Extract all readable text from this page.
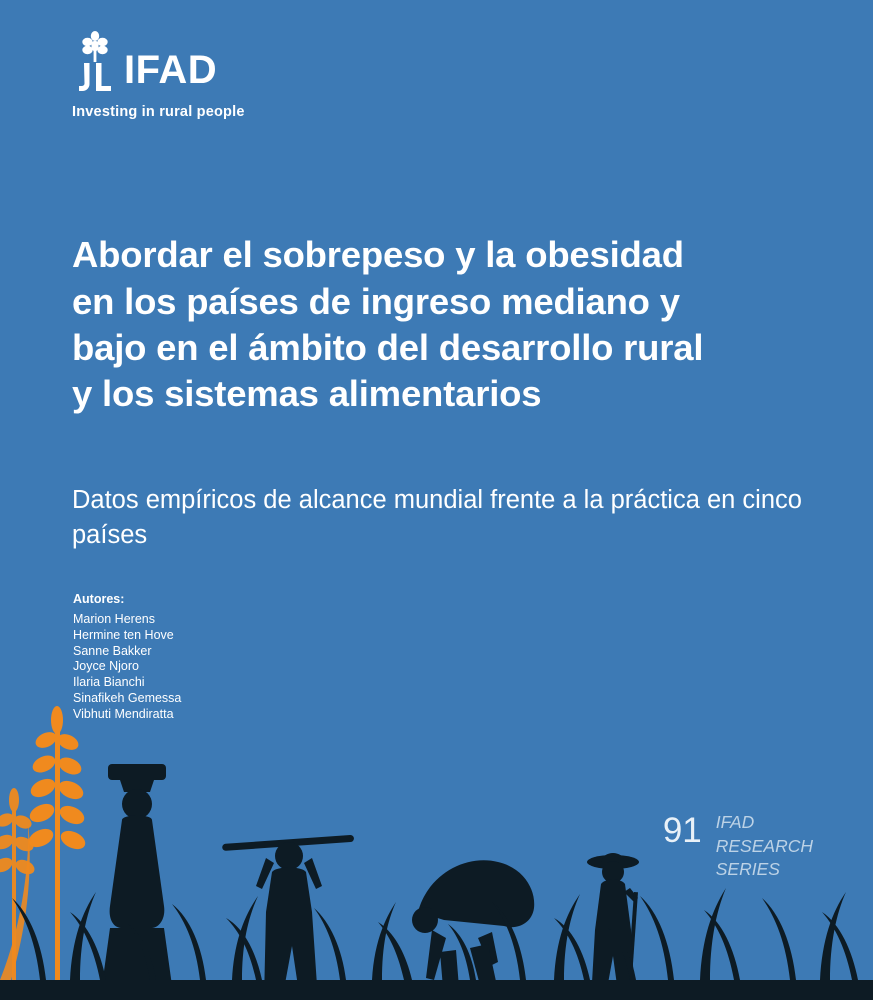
IFAD
Investing in rural people
Abordar el sobrepeso y la obesidad en los países de ingreso mediano y bajo en el ámbito del desarrollo rural y los sistemas alimentarios
Datos empíricos de alcance mundial frente a la práctica en cinco países
Autores:
Marion Herens
Hermine ten Hove
Sanne Bakker
Joyce Njoro
Ilaria Bianchi
Sinafikeh Gemessa
Vibhuti Mendiratta
91 IFAD
RESEARCH
SERIES
